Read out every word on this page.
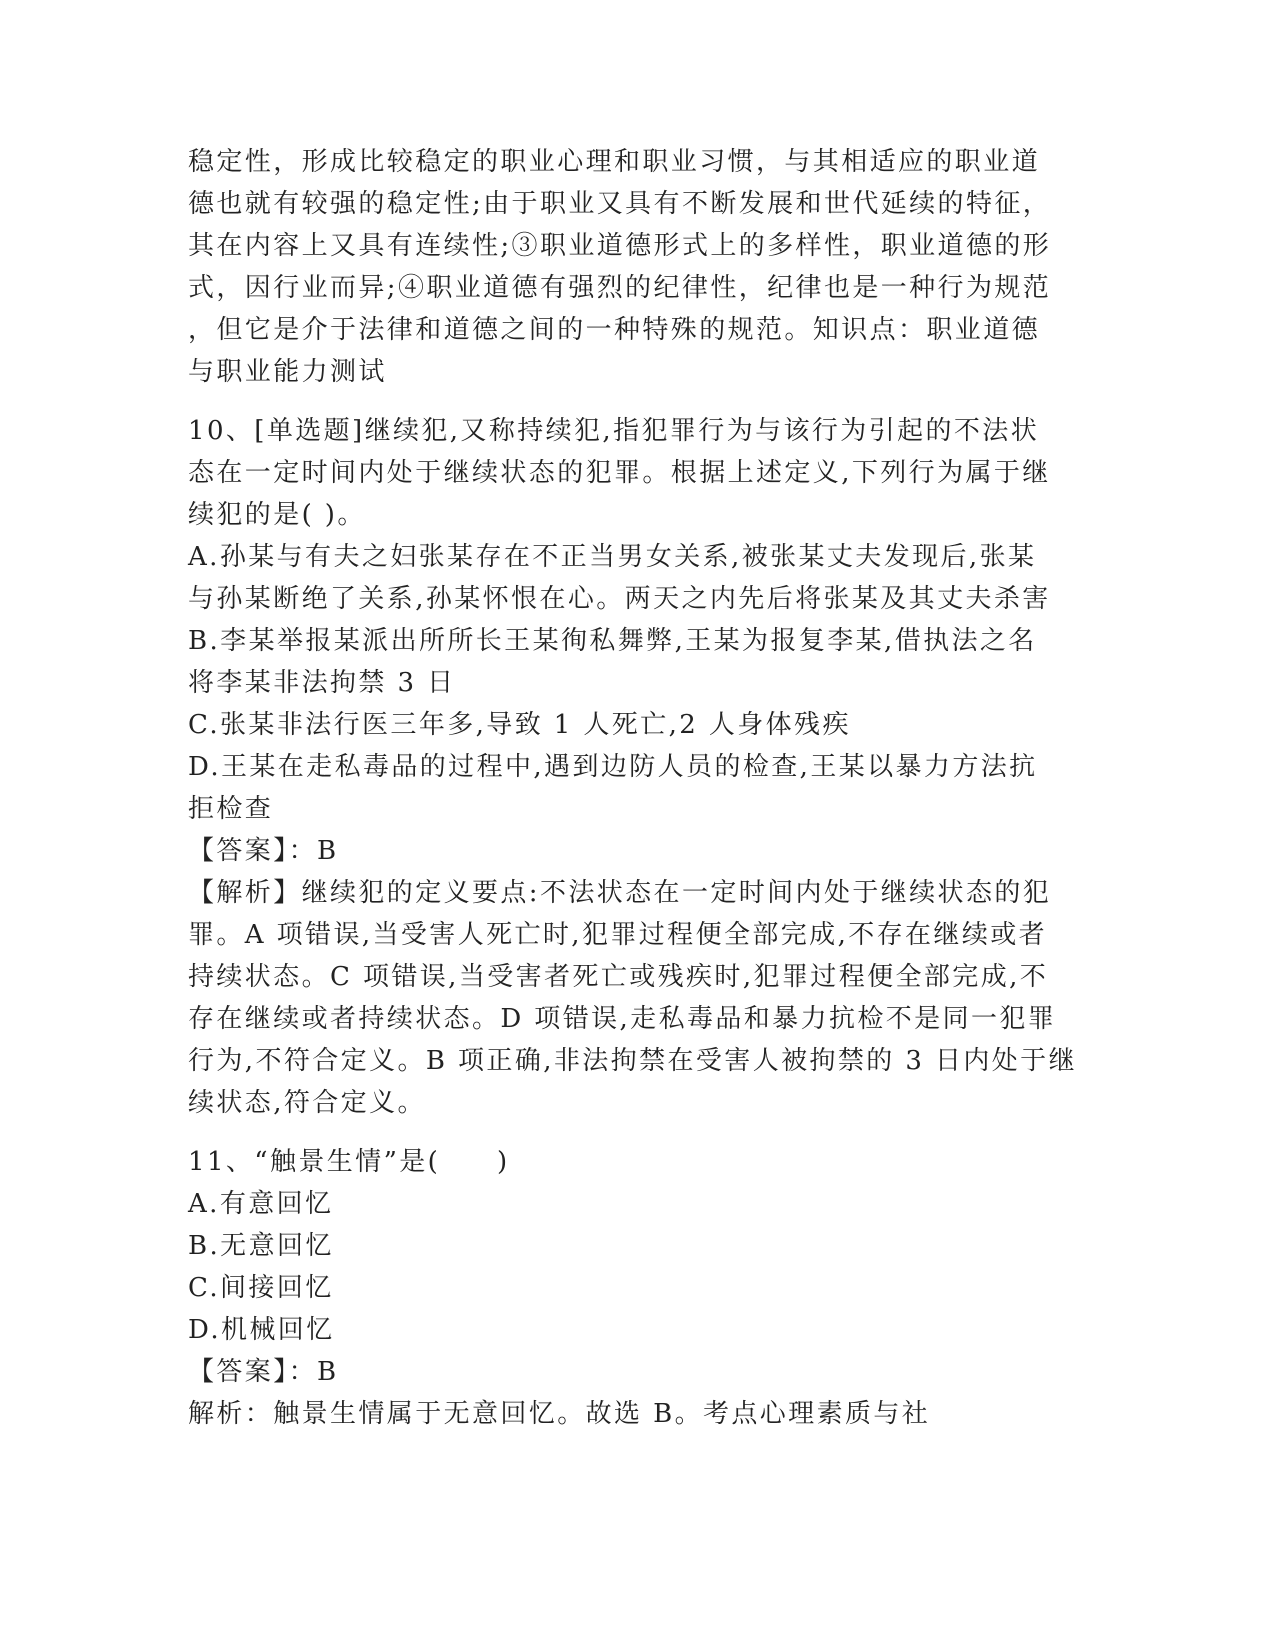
稳定性，形成比较稳定的职业心理和职业习惯，与其相适应的职业道
德也就有较强的稳定性;由于职业又具有不断发展和世代延续的特征，
其在内容上又具有连续性;③职业道德形式上的多样性，职业道德的形
式，因行业而异;④职业道德有强烈的纪律性，纪律也是一种行为规范
，但它是介于法律和道德之间的一种特殊的规范。知识点：职业道德
与职业能力测试
10、[单选题]继续犯,又称持续犯,指犯罪行为与该行为引起的不法状
态在一定时间内处于继续状态的犯罪。根据上述定义,下列行为属于继
续犯的是( )。
A.孙某与有夫之妇张某存在不正当男女关系,被张某丈夫发现后,张某
与孙某断绝了关系,孙某怀恨在心。两天之内先后将张某及其丈夫杀害
B.李某举报某派出所所长王某徇私舞弊,王某为报复李某,借执法之名
将李某非法拘禁 3 日
C.张某非法行医三年多,导致 1 人死亡,2 人身体残疾
D.王某在走私毒品的过程中,遇到边防人员的检查,王某以暴力方法抗
拒检查
【答案】：B
【解析】继续犯的定义要点:不法状态在一定时间内处于继续状态的犯
罪。A 项错误,当受害人死亡时,犯罪过程便全部完成,不存在继续或者
持续状态。C 项错误,当受害者死亡或残疾时,犯罪过程便全部完成,不
存在继续或者持续状态。D 项错误,走私毒品和暴力抗检不是同一犯罪
行为,不符合定义。B 项正确,非法拘禁在受害人被拘禁的 3 日内处于继
续状态,符合定义。
11、“触景生情”是(　　)
A.有意回忆
B.无意回忆
C.间接回忆
D.机械回忆
【答案】：B
解析：触景生情属于无意回忆。故选 B。考点心理素质与社
